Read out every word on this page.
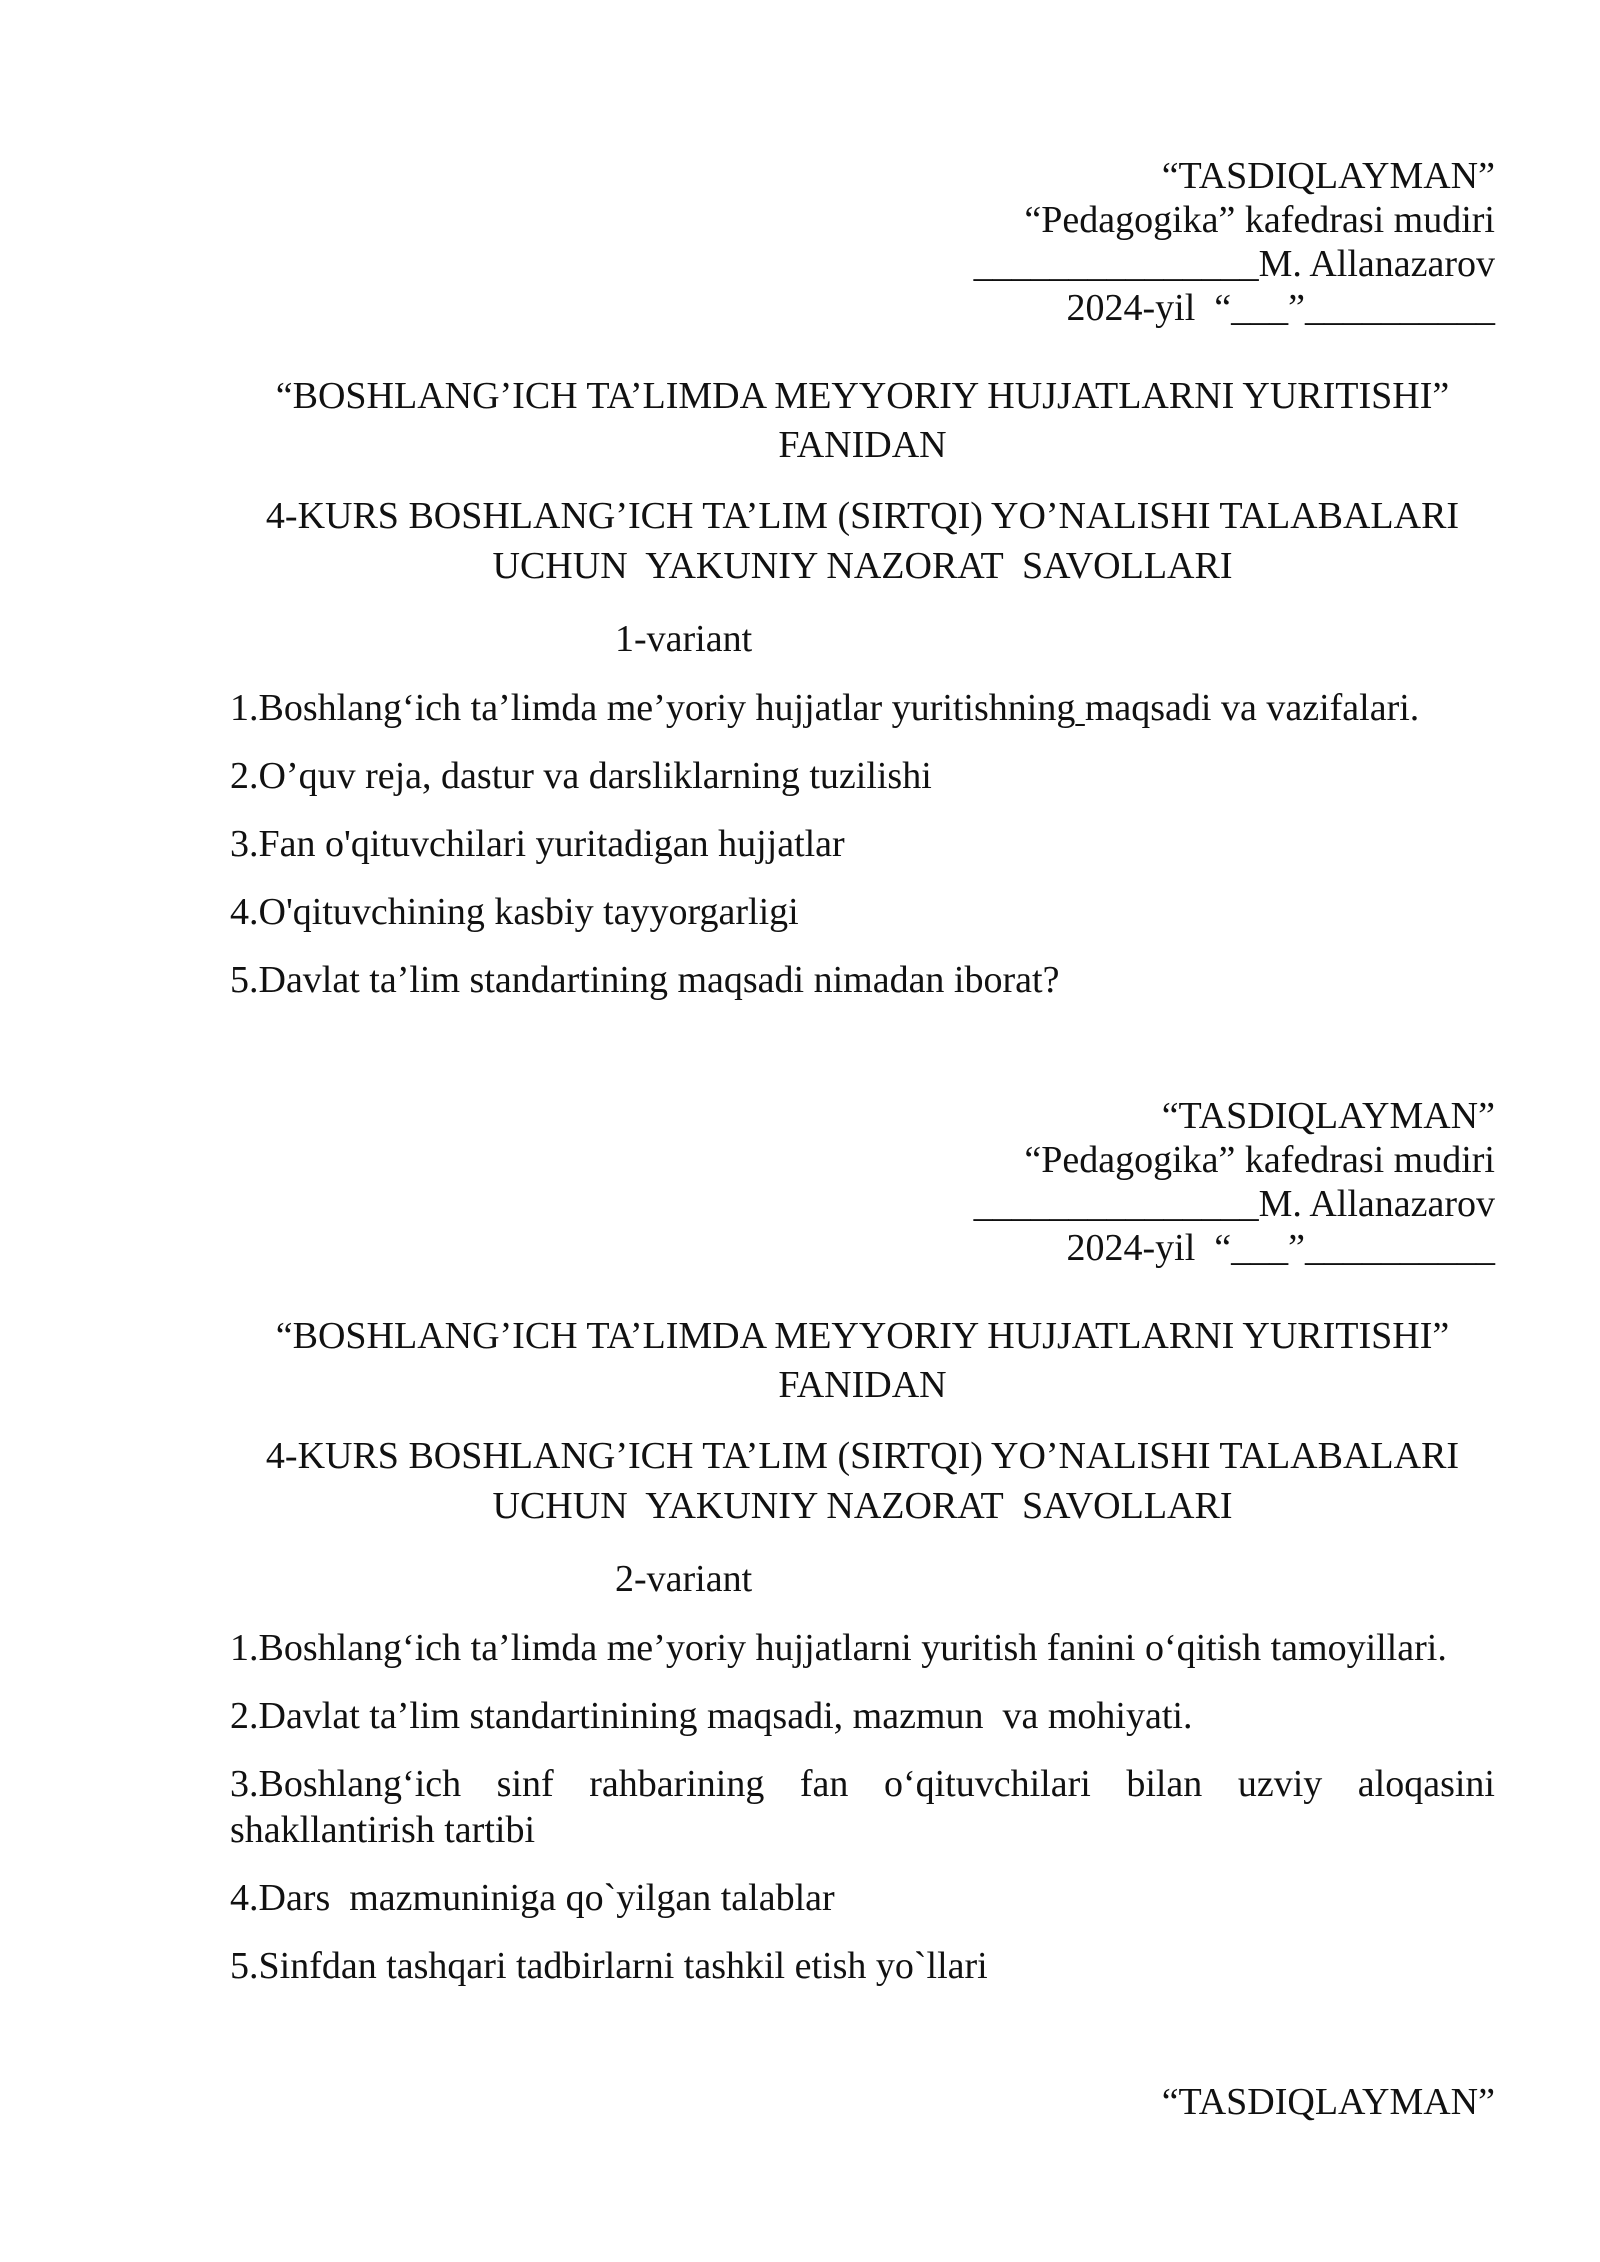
“TASDIQLAYMAN”
“Pedagogika” kafedrasi mudiri
_______________M. Allanazarov
2024-yil  “___”__________
“BOSHLANG’ICH TA’LIMDA MEYYORIY HUJJATLARNI YURITISHI”
FANIDAN
4-KURS BOSHLANG’ICH TA’LIM (SIRTQI) YO’NALISHI TALABALARI
UCHUN  YAKUNIY NAZORAT  SAVOLLARI
1-variant
1.Boshlang‘ich ta’limda me’yoriy hujjatlar yuritishning maqsadi va vazifalari.
2.O’quv reja, dastur va darsliklarning tuzilishi
3.Fan o'qituvchilari yuritadigan hujjatlar
4.O'qituvchining kasbiy tayyorgarligi
5.Davlat ta’lim standartining maqsadi nimadan iborat?
“TASDIQLAYMAN”
“Pedagogika” kafedrasi mudiri
_______________M. Allanazarov
2024-yil  “___”__________
“BOSHLANG’ICH TA’LIMDA MEYYORIY HUJJATLARNI YURITISHI”
FANIDAN
4-KURS BOSHLANG’ICH TA’LIM (SIRTQI) YO’NALISHI TALABALARI
UCHUN  YAKUNIY NAZORAT  SAVOLLARI
2-variant
1.Boshlang‘ich ta’limda me’yoriy hujjatlarni yuritish fanini o‘qitish tamoyillari.
2.Davlat ta’lim standartinining maqsadi, mazmun  va mohiyati.
3.Boshlang‘ich sinf rahbarining fan o‘qituvchilari bilan uzviy aloqasini shakllantirish tartibi
4.Dars  mazmuniniga qo`yilgan talablar
5.Sinfdan tashqari tadbirlarni tashkil etish yo`llari
“TASDIQLAYMAN”
